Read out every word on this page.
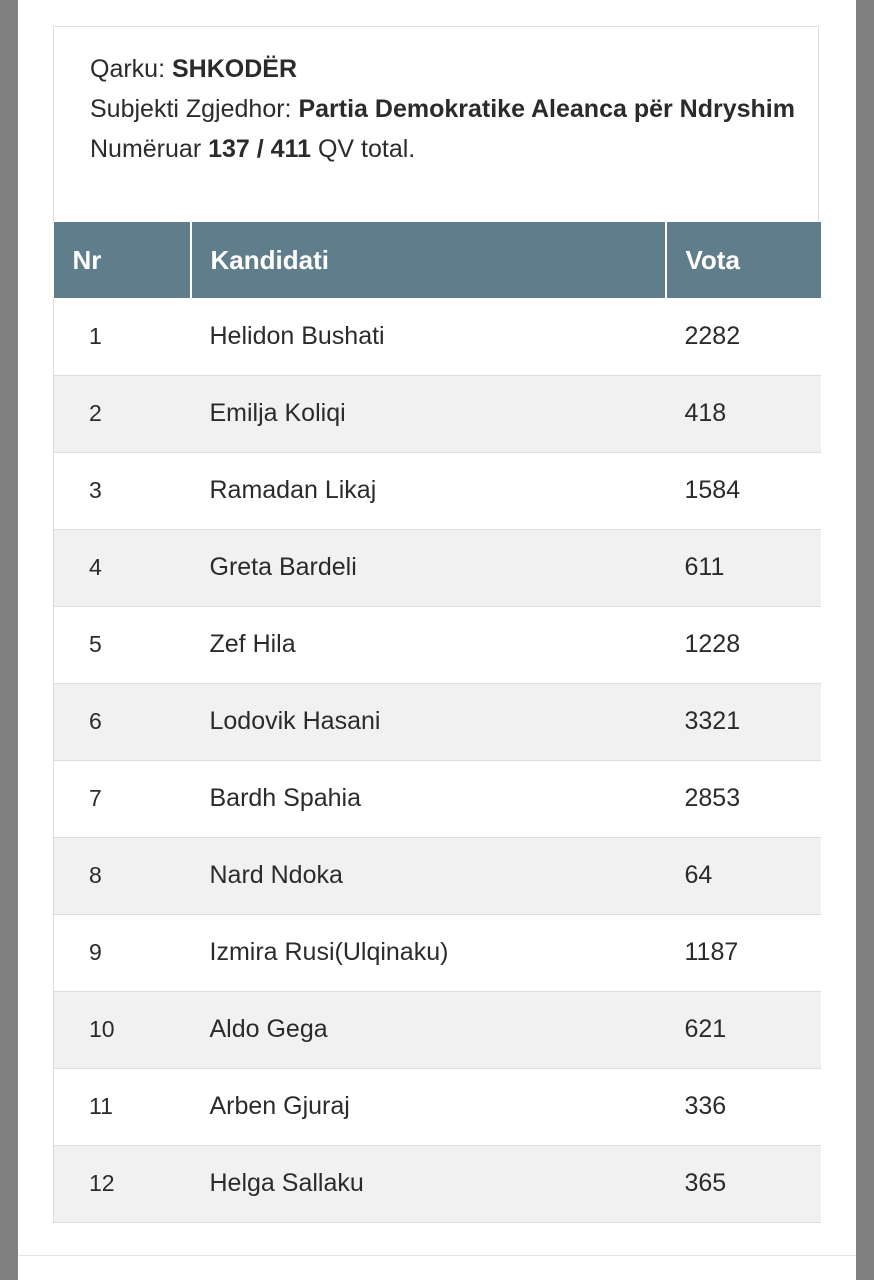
Qarku: SHKODËR
Subjekti Zgjedhor: Partia Demokratike Aleanca për Ndryshim
Numëruar 137 / 411 QV total.
Nr	Kandidati	Vota
1	Helidon Bushati	2282
2	Emilja Koliqi	418
3	Ramadan Likaj	1584
4	Greta Bardeli	611
5	Zef Hila	1228
6	Lodovik Hasani	3321
7	Bardh Spahia	2853
8	Nard Ndoka	64
9	Izmira Rusi(Ulqinaku)	1187
10	Aldo Gega	621
11	Arben Gjuraj	336
12	Helga Sallaku	365
